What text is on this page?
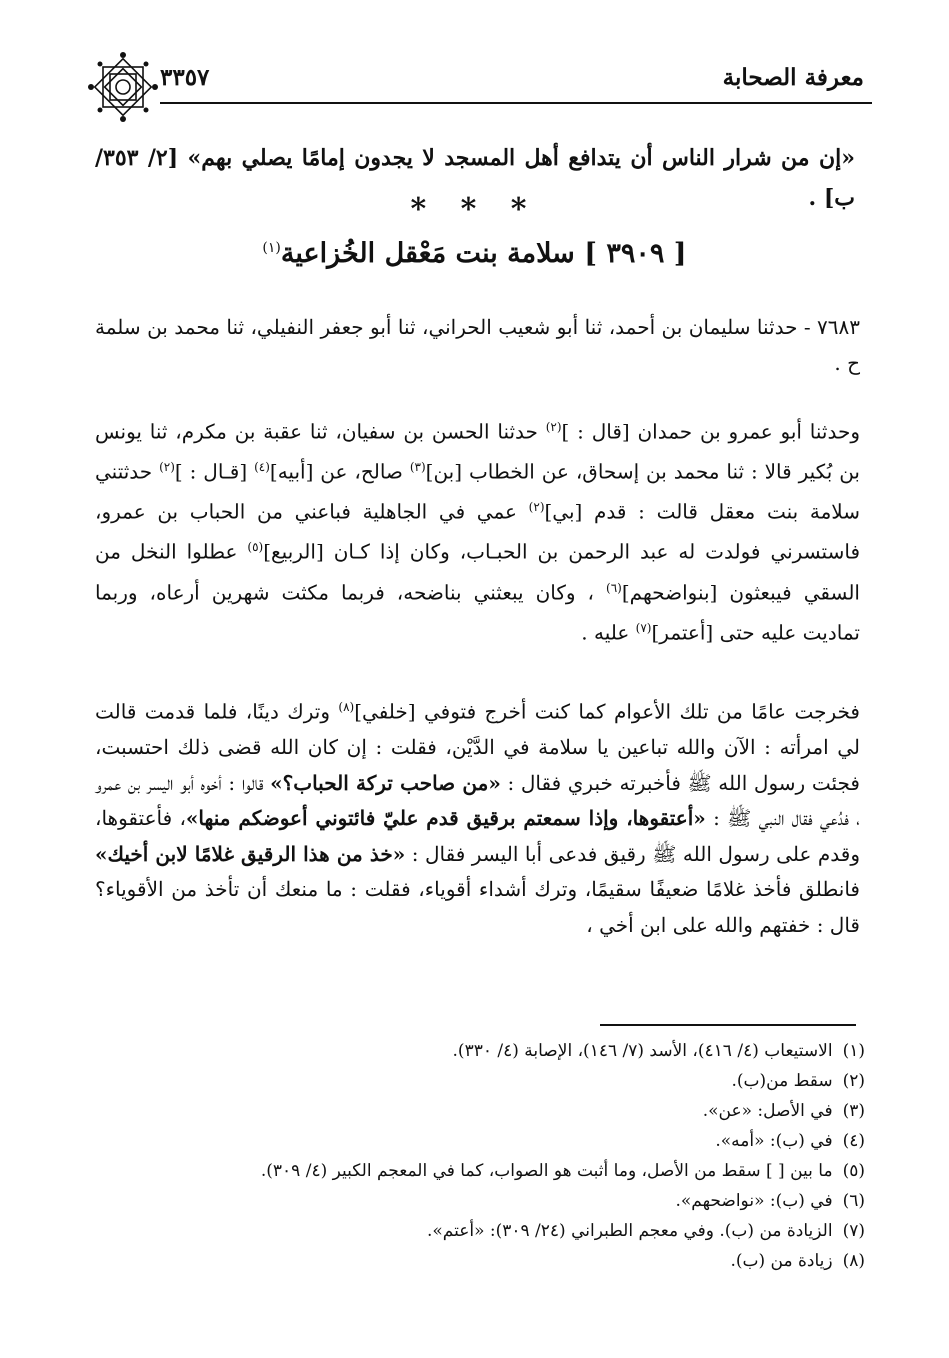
معرفة الصحابة
٣٣٥٧
«إن من شرار الناس أن يتدافع أهل المسجد لا يجدون إمامًا يصلي بهم» [٢/ ٣٥٣/ ب] .
* * *
[ ٣٩٠٩ ] سلامة بنت مَعْقل الخُزاعية$^{(١)}$
٧٦٨٣ - حدثنا سليمان بن أحمد، ثنا أبو شعيب الحراني، ثنا أبو جعفر النفيلي، ثنا محمد بن سلمة ح .
وحدثنا أبو عمرو بن حمدان [قال : ]$^{(٢)}$ حدثنا الحسن بن سفيان، ثنا عقبة بن مكرم، ثنا يونس بن بُكير قالا : ثنا محمد بن إسحاق، عن الخطاب [بن]$^{(٣)}$ صالح، عن [أبيه]$^{(٤)}$ [قـال : ]$^{(٢)}$ حدثتني سلامة بنت معقل قالت : قدم [بي]$^{(٢)}$ عمي في الجاهلية فباعني من الحباب بن عمرو، فاستسرني فولدت له عبد الرحمن بن الحبـاب، وكان إذا كـان [الربيع]$^{(٥)}$ عطلوا النخل من السقي فيبعثون [بنواضحهم]$^{(٦)}$ ، وكان يبعثني بناضحه، فربما مكثت شهرين أرعاه، وربما تماديت عليه حتى [أعتمر]$^{(٧)}$ عليه .
فخرجت عامًا من تلك الأعوام كما كنت أخرج فتوفي [خلفي]$^{(٨)}$ وترك دينًا، فلما قدمت قالت لي امرأته : الآن والله تباعين يا سلامة في الدَّيْن، فقلت : إن كان الله قضى ذلك احتسبت، فجئت رسول الله ﷺ فأخبرته خبري فقال : «من صاحب تركة الحباب؟» قالوا : أخوه أبو اليسر بن عمرو ، فدُعي فقال النبي ﷺ : «أعتقوها، وإذا سمعتم برقيق قدم عليّ فائتوني أعوضكم منها»، فأعتقوها، وقدم على رسول الله ﷺ رقيق فدعى أبا اليسر فقال : «خذ من هذا الرقيق غلامًا لابن أخيك» فانطلق فأخذ غلامًا ضعيفًا سقيمًا، وترك أشداء أقوياء، فقلت : ما منعك أن تأخذ من الأقوياء؟ قال : خفتهم والله على ابن أخي ،
(١)الاستيعاب (٤/ ٤١٦)، الأسد (٧/ ١٤٦)، الإصابة (٤/ ٣٣٠).
(٢)سقط من(ب).
(٣)في الأصل: «عن».
(٤)في (ب): «أمه».
(٥)ما بين [ ] سقط من الأصل، وما أثبت هو الصواب، كما في المعجم الكبير (٤/ ٣٠٩).
(٦)في (ب): «نواضحهم».
(٧)الزيادة من (ب). وفي معجم الطبراني (٢٤/ ٣٠٩): «أعتم».
(٨)زيادة من (ب).
